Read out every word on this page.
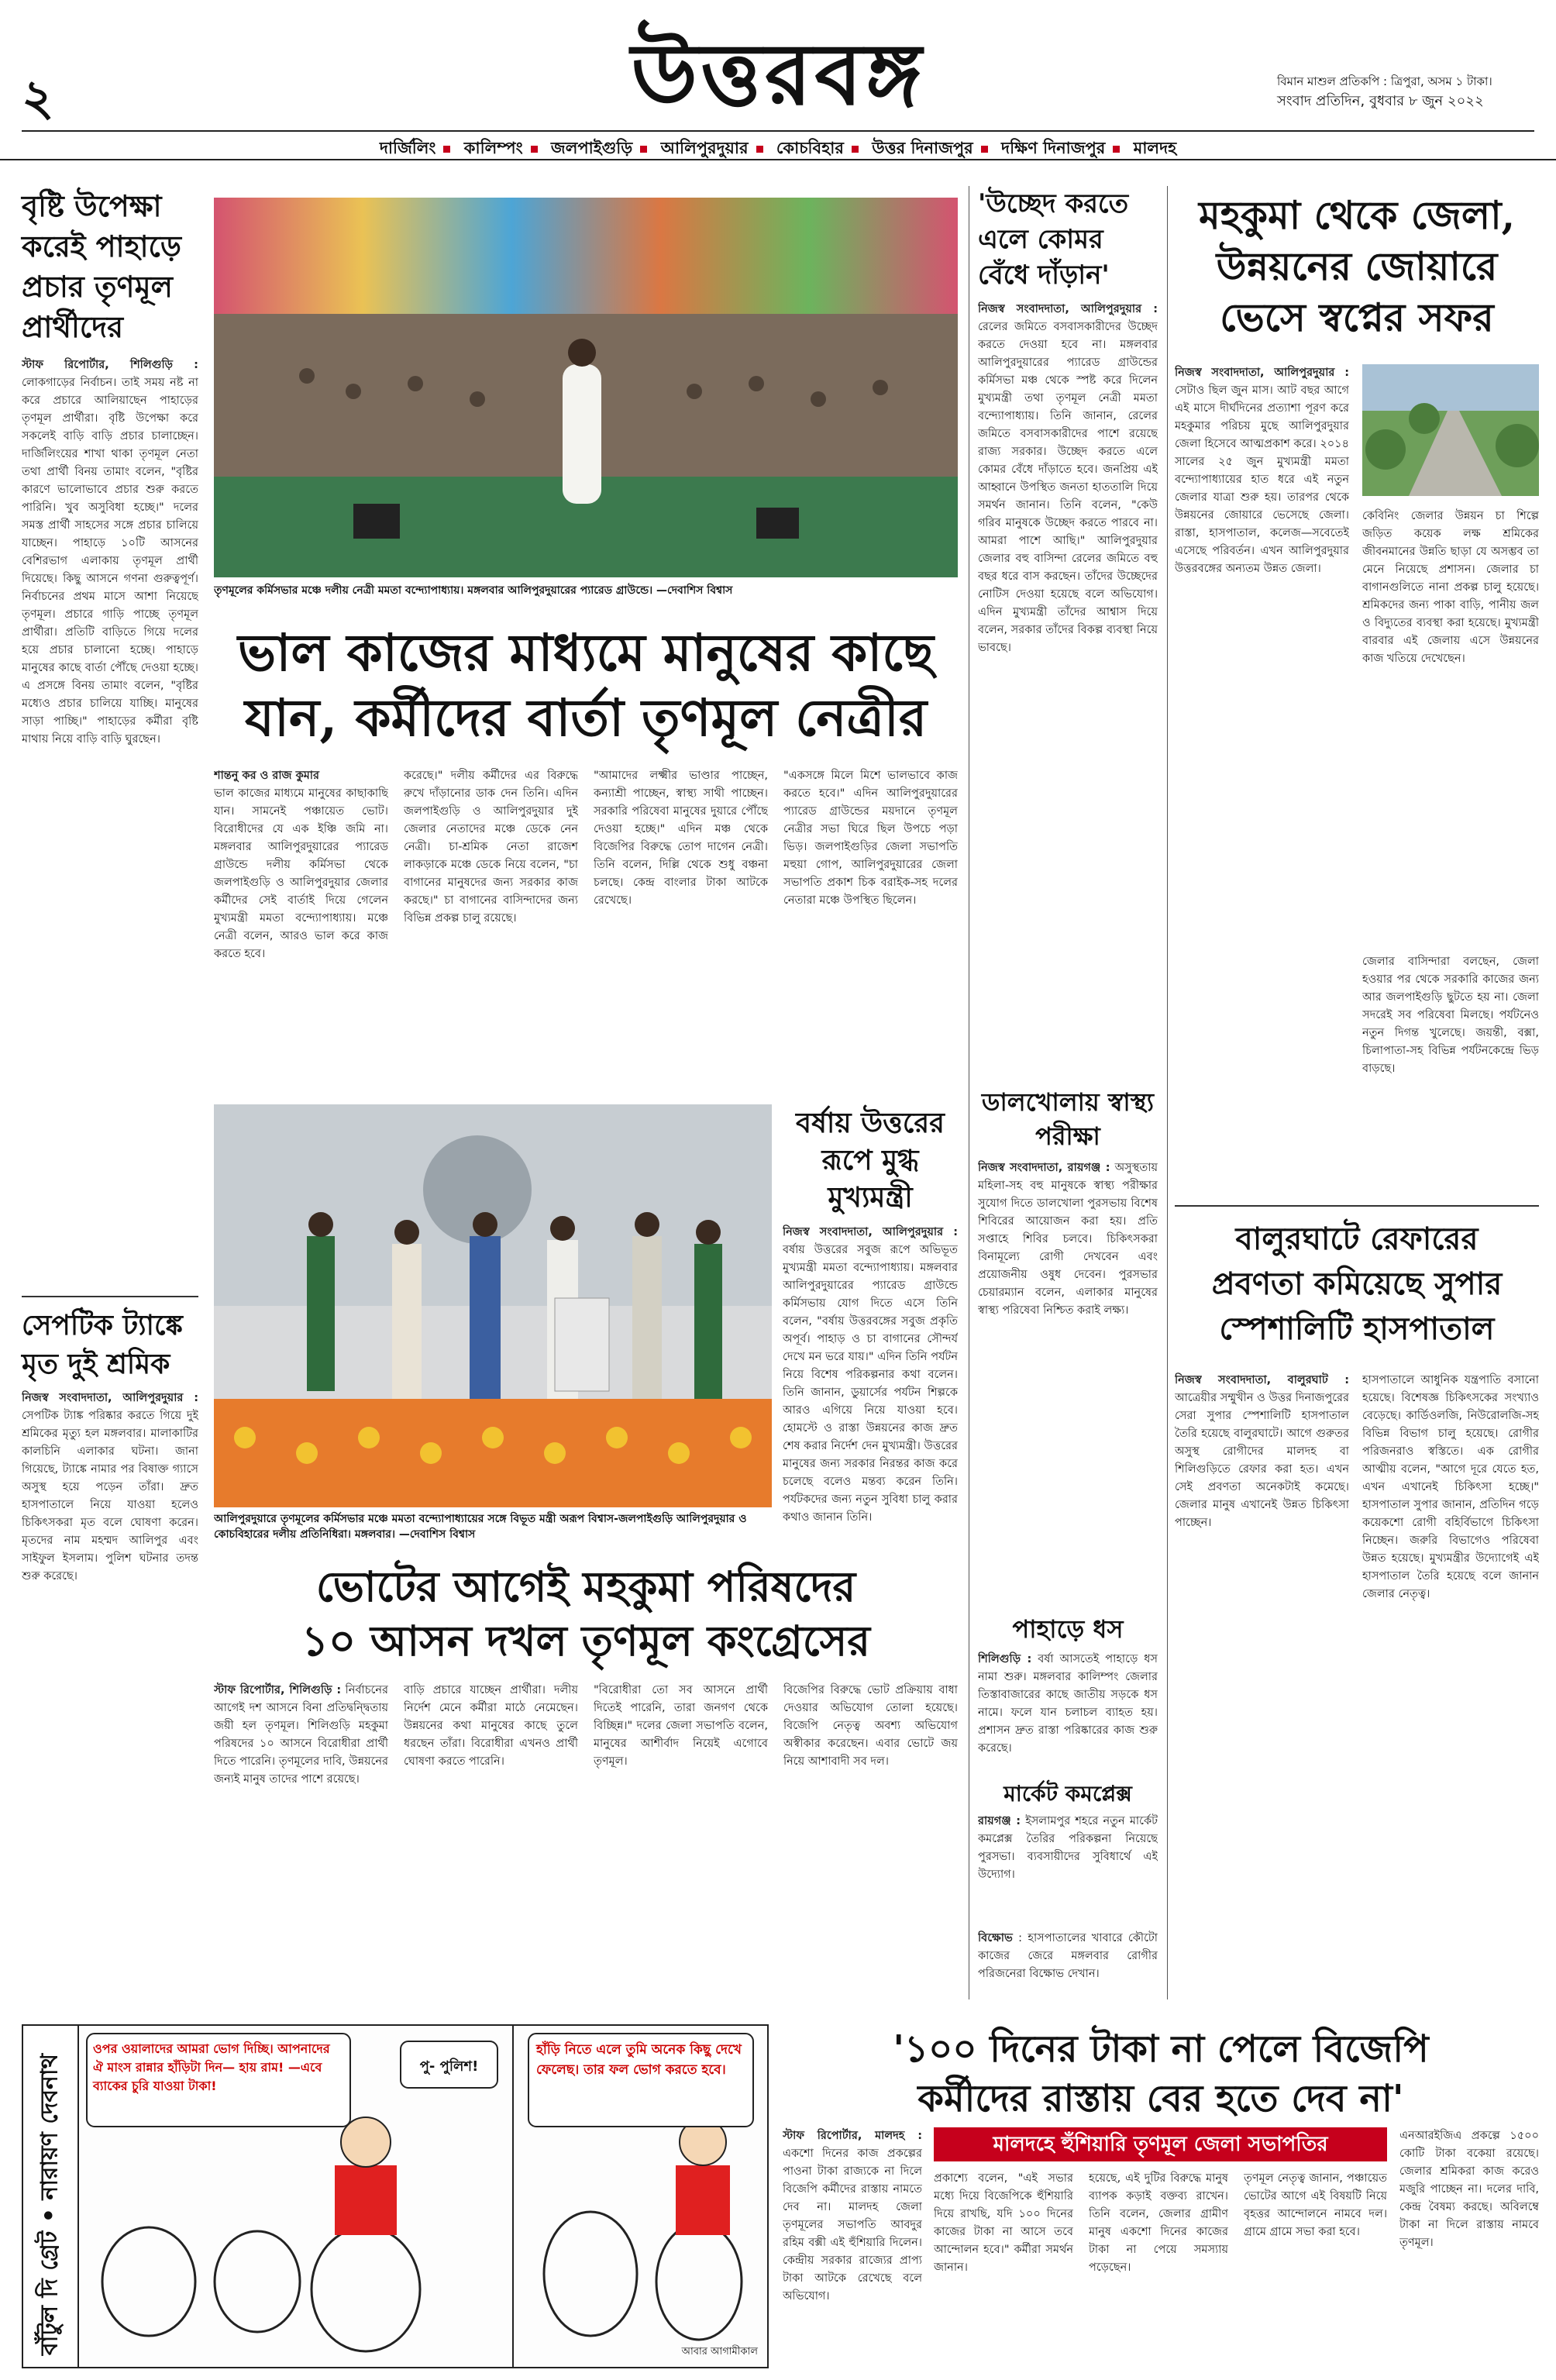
২	উত্তরবঙ্গ	বিমান মাশুল প্রতিকপি : ত্রিপুরা, অসম ১ টাকা।
সংবাদ প্রতিদিন, বুধবার ৮ জুন ২০২২
দার্জিলিং কালিম্পং জলপাইগুড়ি আলিপুরদুয়ার কোচবিহার উত্তর দিনাজপুর দক্ষিণ দিনাজপুর মালদহ
বৃষ্টি উপেক্ষা করেই পাহাড়ে প্রচার তৃণমূল প্রার্থীদের
স্টাফ রিপোর্টার, শিলিগুড়ি : লোকগাড়ের নির্বাচন। তাই সময় নষ্ট না করে প্রচারে আলিয়াছেন পাহাড়ের তৃণমূল প্রার্থীরা। বৃষ্টি উপেক্ষা করে সকলেই বাড়ি বাড়ি প্রচার চালাচ্ছেন। দার্জিলিংয়ের শাখা থাকা তৃণমূল নেতা তথা প্রার্থী বিনয় তামাং বলেন, "বৃষ্টির কারণে ভালোভাবে প্রচার শুরু করতে পারিনি। খুব অসুবিধা হচ্ছে।" দলের সমস্ত প্রার্থী সাহসের সঙ্গে প্রচার চালিয়ে যাচ্ছেন। পাহাড়ে ১০টি আসনের বেশিরভাগ এলাকায় তৃণমূল প্রার্থী দিয়েছে। কিছু আসনে গণনা গুরুত্বপূর্ণ। নির্বাচনের প্রথম মাসে আশা নিয়েছে তৃণমূল। প্রচারে গাড়ি পাচ্ছে তৃণমূল প্রার্থীরা। প্রতিটি বাড়িতে গিয়ে দলের হয়ে প্রচার চালানো হচ্ছে। পাহাড়ে মানুষের কাছে বার্তা পৌঁছে দেওয়া হচ্ছে। এ প্রসঙ্গে বিনয় তামাং বলেন, "বৃষ্টির মধ্যেও প্রচার চালিয়ে যাচ্ছি। মানুষের সাড়া পাচ্ছি।" পাহাড়ের কর্মীরা বৃষ্টি মাথায় নিয়ে বাড়ি বাড়ি ঘুরছেন।
সেপটিক ট্যাঙ্কে মৃত দুই শ্রমিক
নিজস্ব সংবাদদাতা, আলিপুরদুয়ার : সেপটিক ট্যাঙ্ক পরিষ্কার করতে গিয়ে দুই শ্রমিকের মৃত্যু হল মঙ্গলবার। মালাকাটির কালচিনি এলাকার ঘটনা। জানা গিয়েছে, ট্যাঙ্কে নামার পর বিষাক্ত গ্যাসে অসুস্থ হয়ে পড়েন তাঁরা। দ্রুত হাসপাতালে নিয়ে যাওয়া হলেও চিকিৎসকরা মৃত বলে ঘোষণা করেন। মৃতদের নাম মহম্মদ আলিপুর এবং সাইফুল ইসলাম। পুলিশ ঘটনার তদন্ত শুরু করেছে।
তৃণমূলের কর্মিসভার মঞ্চে দলীয় নেত্রী মমতা বন্দ্যোপাধ্যায়। মঙ্গলবার আলিপুরদুয়ারের প্যারেড গ্রাউন্ডে। —দেবাশিস বিশ্বাস
ভাল কাজের মাধ্যমে মানুষের কাছে
যান, কর্মীদের বার্তা তৃণমূল নেত্রীর
শান্তনু কর ও রাজ কুমার
ভাল কাজের মাধ্যমে মানুষের কাছাকাছি যান। সামনেই পঞ্চায়েত ভোট। বিরোধীদের যে এক ইঞ্চি জমি না। মঙ্গলবার আলিপুরদুয়ারের প্যারেড গ্রাউন্ডে দলীয় কর্মিসভা থেকে জলপাইগুড়ি ও আলিপুরদুয়ার জেলার কর্মীদের সেই বার্তাই দিয়ে গেলেন মুখ্যমন্ত্রী মমতা বন্দ্যোপাধ্যায়। মঞ্চে নেত্রী বলেন, আরও ভাল করে কাজ করতে হবে।
করেছে।" দলীয় কর্মীদের এর বিরুদ্ধে রুখে দাঁড়ানোর ডাক দেন তিনি। এদিন জলপাইগুড়ি ও আলিপুরদুয়ার দুই জেলার নেতাদের মঞ্চে ডেকে নেন নেত্রী। চা-শ্রমিক নেতা রাজেশ লাকড়াকে মঞ্চে ডেকে নিয়ে বলেন, "চা বাগানের মানুষদের জন্য সরকার কাজ করছে।" চা বাগানের বাসিন্দাদের জন্য বিভিন্ন প্রকল্প চালু রয়েছে।
"আমাদের লক্ষ্মীর ভাণ্ডার পাচ্ছেন, কন্যাশ্রী পাচ্ছেন, স্বাস্থ্য সাথী পাচ্ছেন। সরকারি পরিষেবা মানুষের দুয়ারে পৌঁছে দেওয়া হচ্ছে।" এদিন মঞ্চ থেকে বিজেপির বিরুদ্ধে তোপ দাগেন নেত্রী। তিনি বলেন, দিল্লি থেকে শুধু বঞ্চনা চলছে। কেন্দ্র বাংলার টাকা আটকে রেখেছে।
"একসঙ্গে মিলে মিশে ভালভাবে কাজ করতে হবে।" এদিন আলিপুরদুয়ারের প্যারেড গ্রাউন্ডের ময়দানে তৃণমূল নেত্রীর সভা ঘিরে ছিল উপচে পড়া ভিড়। জলপাইগুড়ির জেলা সভাপতি মহুয়া গোপ, আলিপুরদুয়ারের জেলা সভাপতি প্রকাশ চিক বরাইক-সহ দলের নেতারা মঞ্চে উপস্থিত ছিলেন।
আলিপুরদুয়ারে তৃণমূলের কর্মিসভার মঞ্চে মমতা বন্দ্যোপাধ্যায়ের সঙ্গে বিভূত মন্ত্রী অরূপ বিশ্বাস-জলপাইগুড়ি আলিপুরদুয়ার ও কোচবিহারের দলীয় প্রতিনিধিরা। মঙ্গলবার। —দেবাশিস বিশ্বাস
বর্ষায় উত্তরের রূপে মুগ্ধ মুখ্যমন্ত্রী
নিজস্ব সংবাদদাতা, আলিপুরদুয়ার : বর্ষায় উত্তরের সবুজ রূপে অভিভূত মুখ্যমন্ত্রী মমতা বন্দ্যোপাধ্যায়। মঙ্গলবার আলিপুরদুয়ারের প্যারেড গ্রাউন্ডে কর্মিসভায় যোগ দিতে এসে তিনি বলেন, "বর্ষায় উত্তরবঙ্গের সবুজ প্রকৃতি অপূর্ব। পাহাড় ও চা বাগানের সৌন্দর্য দেখে মন ভরে যায়।" এদিন তিনি পর্যটন নিয়ে বিশেষ পরিকল্পনার কথা বলেন। তিনি জানান, ডুয়ার্সের পর্যটন শিল্পকে আরও এগিয়ে নিয়ে যাওয়া হবে। হোমস্টে ও রাস্তা উন্নয়নের কাজ দ্রুত শেষ করার নির্দেশ দেন মুখ্যমন্ত্রী। উত্তরের মানুষের জন্য সরকার নিরন্তর কাজ করে চলেছে বলেও মন্তব্য করেন তিনি। পর্যটকদের জন্য নতুন সুবিধা চালু করার কথাও জানান তিনি।
ভোটের আগেই মহকুমা পরিষদের
১০ আসন দখল তৃণমূল কংগ্রেসের
স্টাফ রিপোর্টার, শিলিগুড়ি : নির্বাচনের আগেই দশ আসনে বিনা প্রতিদ্বন্দ্বিতায় জয়ী হল তৃণমূল। শিলিগুড়ি মহকুমা পরিষদের ১০ আসনে বিরোধীরা প্রার্থী দিতে পারেনি। তৃণমূলের দাবি, উন্নয়নের জন্যই মানুষ তাদের পাশে রয়েছে।
বাড়ি প্রচারে যাচ্ছেন প্রার্থীরা। দলীয় নির্দেশ মেনে কর্মীরা মাঠে নেমেছেন। উন্নয়নের কথা মানুষের কাছে তুলে ধরছেন তাঁরা। বিরোধীরা এখনও প্রার্থী ঘোষণা করতে পারেনি।
"বিরোধীরা তো সব আসনে প্রার্থী দিতেই পারেনি, তারা জনগণ থেকে বিচ্ছিন্ন।" দলের জেলা সভাপতি বলেন, মানুষের আশীর্বাদ নিয়েই এগোবে তৃণমূল।
বিজেপির বিরুদ্ধে ভোট প্রক্রিয়ায় বাধা দেওয়ার অভিযোগ তোলা হয়েছে। বিজেপি নেতৃত্ব অবশ্য অভিযোগ অস্বীকার করেছেন। এবার ভোটে জয় নিয়ে আশাবাদী সব দল।
'উচ্ছেদ করতে এলে কোমর বেঁধে দাঁড়ান'
নিজস্ব সংবাদদাতা, আলিপুরদুয়ার : রেলের জমিতে বসবাসকারীদের উচ্ছেদ করতে দেওয়া হবে না। মঙ্গলবার আলিপুরদুয়ারের প্যারেড গ্রাউন্ডের কর্মিসভা মঞ্চ থেকে স্পষ্ট করে দিলেন মুখ্যমন্ত্রী তথা তৃণমূল নেত্রী মমতা বন্দ্যোপাধ্যায়। তিনি জানান, রেলের জমিতে বসবাসকারীদের পাশে রয়েছে রাজ্য সরকার। উচ্ছেদ করতে এলে কোমর বেঁধে দাঁড়াতে হবে। জনপ্রিয় এই আহ্বানে উপস্থিত জনতা হাততালি দিয়ে সমর্থন জানান। তিনি বলেন, "কেউ গরিব মানুষকে উচ্ছেদ করতে পারবে না। আমরা পাশে আছি।" আলিপুরদুয়ার জেলার বহু বাসিন্দা রেলের জমিতে বহু বছর ধরে বাস করছেন। তাঁদের উচ্ছেদের নোটিস দেওয়া হয়েছে বলে অভিযোগ। এদিন মুখ্যমন্ত্রী তাঁদের আশ্বাস দিয়ে বলেন, সরকার তাঁদের বিকল্প ব্যবস্থা নিয়ে ভাবছে।
ডালখোলায় স্বাস্থ্য পরীক্ষা
নিজস্ব সংবাদদাতা, রায়গঞ্জ : অসুস্থতায় মহিলা-সহ বহু মানুষকে স্বাস্থ্য পরীক্ষার সুযোগ দিতে ডালখোলা পুরসভায় বিশেষ শিবিরের আয়োজন করা হয়। প্রতি সপ্তাহে শিবির চলবে। চিকিৎসকরা বিনামূল্যে রোগী দেখবেন এবং প্রয়োজনীয় ওষুধ দেবেন। পুরসভার চেয়ারম্যান বলেন, এলাকার মানুষের স্বাস্থ্য পরিষেবা নিশ্চিত করাই লক্ষ্য।
পাহাড়ে ধস
শিলিগুড়ি : বর্ষা আসতেই পাহাড়ে ধস নামা শুরু। মঙ্গলবার কালিম্পং জেলার তিস্তাবাজারের কাছে জাতীয় সড়কে ধস নামে। ফলে যান চলাচল ব্যাহত হয়। প্রশাসন দ্রুত রাস্তা পরিষ্কারের কাজ শুরু করেছে।
মার্কেট কমপ্লেক্স
রায়গঞ্জ : ইসলামপুর শহরে নতুন মার্কেট কমপ্লেক্স তৈরির পরিকল্পনা নিয়েছে পুরসভা। ব্যবসায়ীদের সুবিধার্থে এই উদ্যোগ।
বিক্ষোভ : হাসপাতালের খাবারে কৌটো কাজের জেরে মঙ্গলবার রোগীর পরিজনেরা বিক্ষোভ দেখান।
মহকুমা থেকে জেলা,
উন্নয়নের জোয়ারে
ভেসে স্বপ্নের সফর
নিজস্ব সংবাদদাতা, আলিপুরদুয়ার : সেটাও ছিল জুন মাস। আট বছর আগে এই মাসে দীর্ঘদিনের প্রত্যাশা পূরণ করে মহকুমার পরিচয় মুছে আলিপুরদুয়ার জেলা হিসেবে আত্মপ্রকাশ করে। ২০১৪ সালের ২৫ জুন মুখ্যমন্ত্রী মমতা বন্দ্যোপাধ্যায়ের হাত ধরে এই নতুন জেলার যাত্রা শুরু হয়। তারপর থেকে উন্নয়নের জোয়ারে ভেসেছে জেলা। রাস্তা, হাসপাতাল, কলেজ—সবেতেই এসেছে পরিবর্তন। এখন আলিপুরদুয়ার উত্তরবঙ্গের অন্যতম উন্নত জেলা।
কেবিনিং জেলার উন্নয়ন চা শিল্পে জড়িত কয়েক লক্ষ শ্রমিকের জীবনমানের উন্নতি ছাড়া যে অসম্ভব তা মেনে নিয়েছে প্রশাসন। জেলার চা বাগানগুলিতে নানা প্রকল্প চালু হয়েছে। শ্রমিকদের জন্য পাকা বাড়ি, পানীয় জল ও বিদ্যুতের ব্যবস্থা করা হয়েছে। মুখ্যমন্ত্রী বারবার এই জেলায় এসে উন্নয়নের কাজ খতিয়ে দেখেছেন।
জেলার বাসিন্দারা বলছেন, জেলা হওয়ার পর থেকে সরকারি কাজের জন্য আর জলপাইগুড়ি ছুটতে হয় না। জেলা সদরেই সব পরিষেবা মিলছে। পর্যটনেও নতুন দিগন্ত খুলেছে। জয়ন্তী, বক্সা, চিলাপাতা-সহ বিভিন্ন পর্যটনকেন্দ্রে ভিড় বাড়ছে।
বালুরঘাটে রেফারের
প্রবণতা কমিয়েছে সুপার
স্পেশালিটি হাসপাতাল
নিজস্ব সংবাদদাতা, বালুরঘাট : আত্রেয়ীর সম্মুখীন ও উত্তর দিনাজপুরের সেরা সুপার স্পেশালিটি হাসপাতাল তৈরি হয়েছে বালুরঘাটে। আগে গুরুতর অসুস্থ রোগীদের মালদহ বা শিলিগুড়িতে রেফার করা হত। এখন সেই প্রবণতা অনেকটাই কমেছে। জেলার মানুষ এখানেই উন্নত চিকিৎসা পাচ্ছেন।
হাসপাতালে আধুনিক যন্ত্রপাতি বসানো হয়েছে। বিশেষজ্ঞ চিকিৎসকের সংখ্যাও বেড়েছে। কার্ডিওলজি, নিউরোলজি-সহ বিভিন্ন বিভাগ চালু হয়েছে। রোগীর পরিজনরাও স্বস্তিতে। এক রোগীর আত্মীয় বলেন, "আগে দূরে যেতে হত, এখন এখানেই চিকিৎসা হচ্ছে।" হাসপাতাল সুপার জানান, প্রতিদিন গড়ে কয়েকশো রোগী বহির্বিভাগে চিকিৎসা নিচ্ছেন। জরুরি বিভাগেও পরিষেবা উন্নত হয়েছে। মুখ্যমন্ত্রীর উদ্যোগেই এই হাসপাতাল তৈরি হয়েছে বলে জানান জেলার নেতৃত্ব।
বাঁটুল দি গ্রেট • নারায়ণ দেবনাথ
ওপর ওয়ালাদের আমরা ভোগ দিচ্ছি। আপনাদের ঐ মাংস রান্নার হাঁড়িটা দিন— হায় রাম! —এবে ব্যাকের চুরি যাওয়া টাকা!
পু- পুলিশ!
হাঁড়ি নিতে এলে তুমি অনেক কিছু দেখে ফেলেছ। তার ফল ভোগ করতে হবে।
আবার আগামীকাল
'১০০ দিনের টাকা না পেলে বিজেপি
কর্মীদের রাস্তায় বের হতে দেব না'
স্টাফ রিপোর্টার, মালদহ : একশো দিনের কাজ প্রকল্পের পাওনা টাকা রাজ্যকে না দিলে বিজেপি কর্মীদের রাস্তায় নামতে দেব না। মালদহ জেলা তৃণমূলের সভাপতি আবদুর রহিম বক্সী এই হুঁশিয়ারি দিলেন। কেন্দ্রীয় সরকার রাজ্যের প্রাপ্য টাকা আটকে রেখেছে বলে অভিযোগ।
মালদহে হুঁশিয়ারি তৃণমূল জেলা সভাপতির
প্রকাশ্যে বলেন, "এই সভার মধ্যে দিয়ে বিজেপিকে হুঁশিয়ারি দিয়ে রাখছি, যদি ১০০ দিনের কাজের টাকা না আসে তবে আন্দোলন হবে।" কর্মীরা সমর্থন জানান।
হয়েছে, এই দুটির বিরুদ্ধে মানুষ ব্যাপক কড়াই বক্তব্য রাখেন। তিনি বলেন, জেলার গ্রামীণ মানুষ একশো দিনের কাজের টাকা না পেয়ে সমস্যায় পড়েছেন।
তৃণমূল নেতৃত্ব জানান, পঞ্চায়েত ভোটের আগে এই বিষয়টি নিয়ে বৃহত্তর আন্দোলনে নামবে দল। গ্রামে গ্রামে সভা করা হবে।
এনআরইজিএ প্রকল্পে ১৫০০ কোটি টাকা বকেয়া রয়েছে। জেলার শ্রমিকরা কাজ করেও মজুরি পাচ্ছেন না। দলের দাবি, কেন্দ্র বৈষম্য করছে। অবিলম্বে টাকা না দিলে রাস্তায় নামবে তৃণমূল।
